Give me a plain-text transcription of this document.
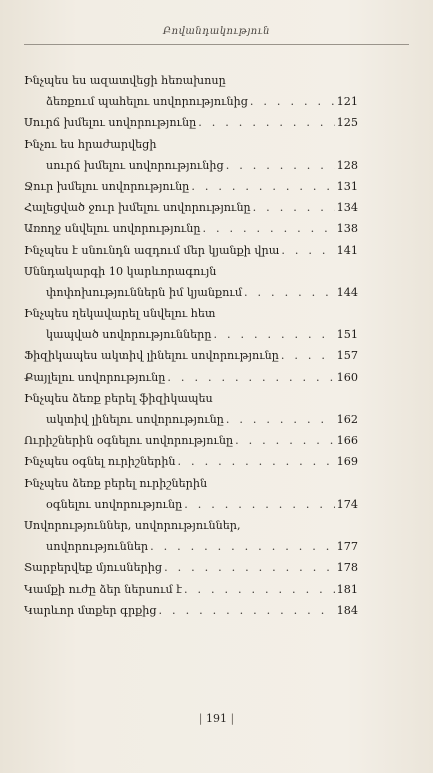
Բովանդակություն
Ինչպես ես ազատվեցի հեռախոսը
ձեռքում պահելու սովորությունից . . .	121
Սուրճ խմելու սովորությունը . . .	125
Ինչու ես հրաժարվեցի
սուրճ խմելու սովորությունից . . .	128
Ջուր խմելու սովորությունը . . .	131
Հալեցված ջուր խմելու սովորությունը . . .	134
Առողջ սնվելու սովորությունը . . .	138
Ինչպես է սնունդն ազդում մեր կյանքի վրա . . .	141
Սննդակարգի 10 կարևորագույն
փոփոխություններն իմ կյանքում . . .	144
Ինչպես ղեկավարել սնվելու հետ
կապված սովորությունները . . .	151
Ֆիզիկապես ակտիվ լինելու սովորությունը . . .	157
Քայլելու սովորությունը . . .	160
Ինչպես ձեռք բերել ֆիզիկապես
ակտիվ լինելու սովորությունը . . .	162
Ուրիշներին օգնելու սովորությունը . . .	166
Ինչպես օգնել ուրիշներին . . .	169
Ինչպես ձեռք բերել ուրիշներին
օգնելու սովորությունը . . .	174
Սովորություններ, սովորություններ,
սովորություններ . . .	177
Տարբերվեք մյուսներից . . .	178
Կամքի ուժը ձեր ներսում է . . .	181
Կարևոր մտքեր գրքից . . .	184
| 191 |
